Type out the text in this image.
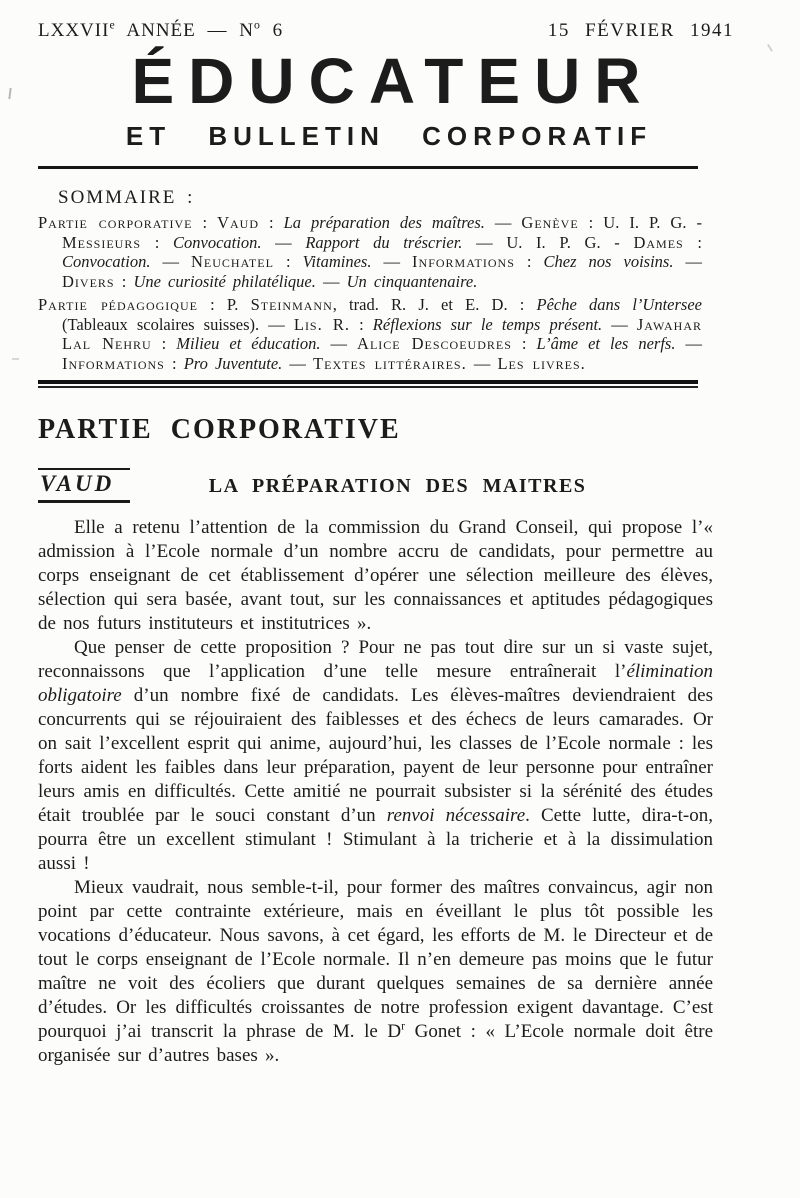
LXXVIIe ANNÉE — $N^o$ 6	15 FÉVRIER 1941
ÉDUCATEUR
ET BULLETIN CORPORATIF
SOMMAIRE :

Partie corporative : Vaud : La préparation des maîtres. — Genève : U. I. P. G. - Messieurs : Convocation. — Rapport du tréscrier. — U. I. P. G. - Dames : Convocation. — Neuchatel : Vitamines. — Informations : Chez nos voisins. — Divers : Une curiosité philatélique. — Un cinquantenaire.

Partie pédagogique : P. Steinmann, trad. R. J. et E. D. : Pêche dans l’Untersee (Tableaux scolaires suisses). — Lis. R. : Réflexions sur le temps présent. — Jawahar Lal Nehru : Milieu et éducation. — Alice Descoeudres : L’âme et les nerfs. — Informations : Pro Juventute. — Textes littéraires. — Les livres.

PARTIE CORPORATIVE
VAUD	LA PRÉPARATION DES MAITRES

Elle a retenu l’attention de la commission du Grand Conseil, qui propose l’« admission à l’Ecole normale d’un nombre accru de candidats, pour permettre au corps enseignant de cet établissement d’opérer une sélection meilleure des élèves, sélection qui sera basée, avant tout, sur les connaissances et aptitudes pédagogiques de nos futurs instituteurs et institutrices ».

Que penser de cette proposition ? Pour ne pas tout dire sur un si vaste sujet, reconnaissons que l’application d’une telle mesure entraînerait l’élimination obligatoire d’un nombre fixé de candidats. Les élèves-maîtres deviendraient des concurrents qui se réjouiraient des faiblesses et des échecs de leurs camarades. Or on sait l’excellent esprit qui anime, aujourd’hui, les classes de l’Ecole normale : les forts aident les faibles dans leur préparation, payent de leur personne pour entraîner leurs amis en difficultés. Cette amitié ne pourrait subsister si la sérénité des études était troublée par le souci constant d’un renvoi nécessaire. Cette lutte, dira-t-on, pourra être un excellent stimulant ! Stimulant à la tricherie et à la dissimulation aussi !

Mieux vaudrait, nous semble-t-il, pour former des maîtres convaincus, agir non point par cette contrainte extérieure, mais en éveillant le plus tôt possible les vocations d’éducateur. Nous savons, à cet égard, les efforts de M. le Directeur et de tout le corps enseignant de l’Ecole normale. Il n’en demeure pas moins que le futur maître ne voit des écoliers que durant quelques semaines de sa dernière année d’études. Or les difficultés croissantes de notre profession exigent davantage. C’est pourquoi j’ai transcrit la phrase de M. le $D^r$ Gonet : « L’Ecole normale doit être organisée sur d’autres bases ».
